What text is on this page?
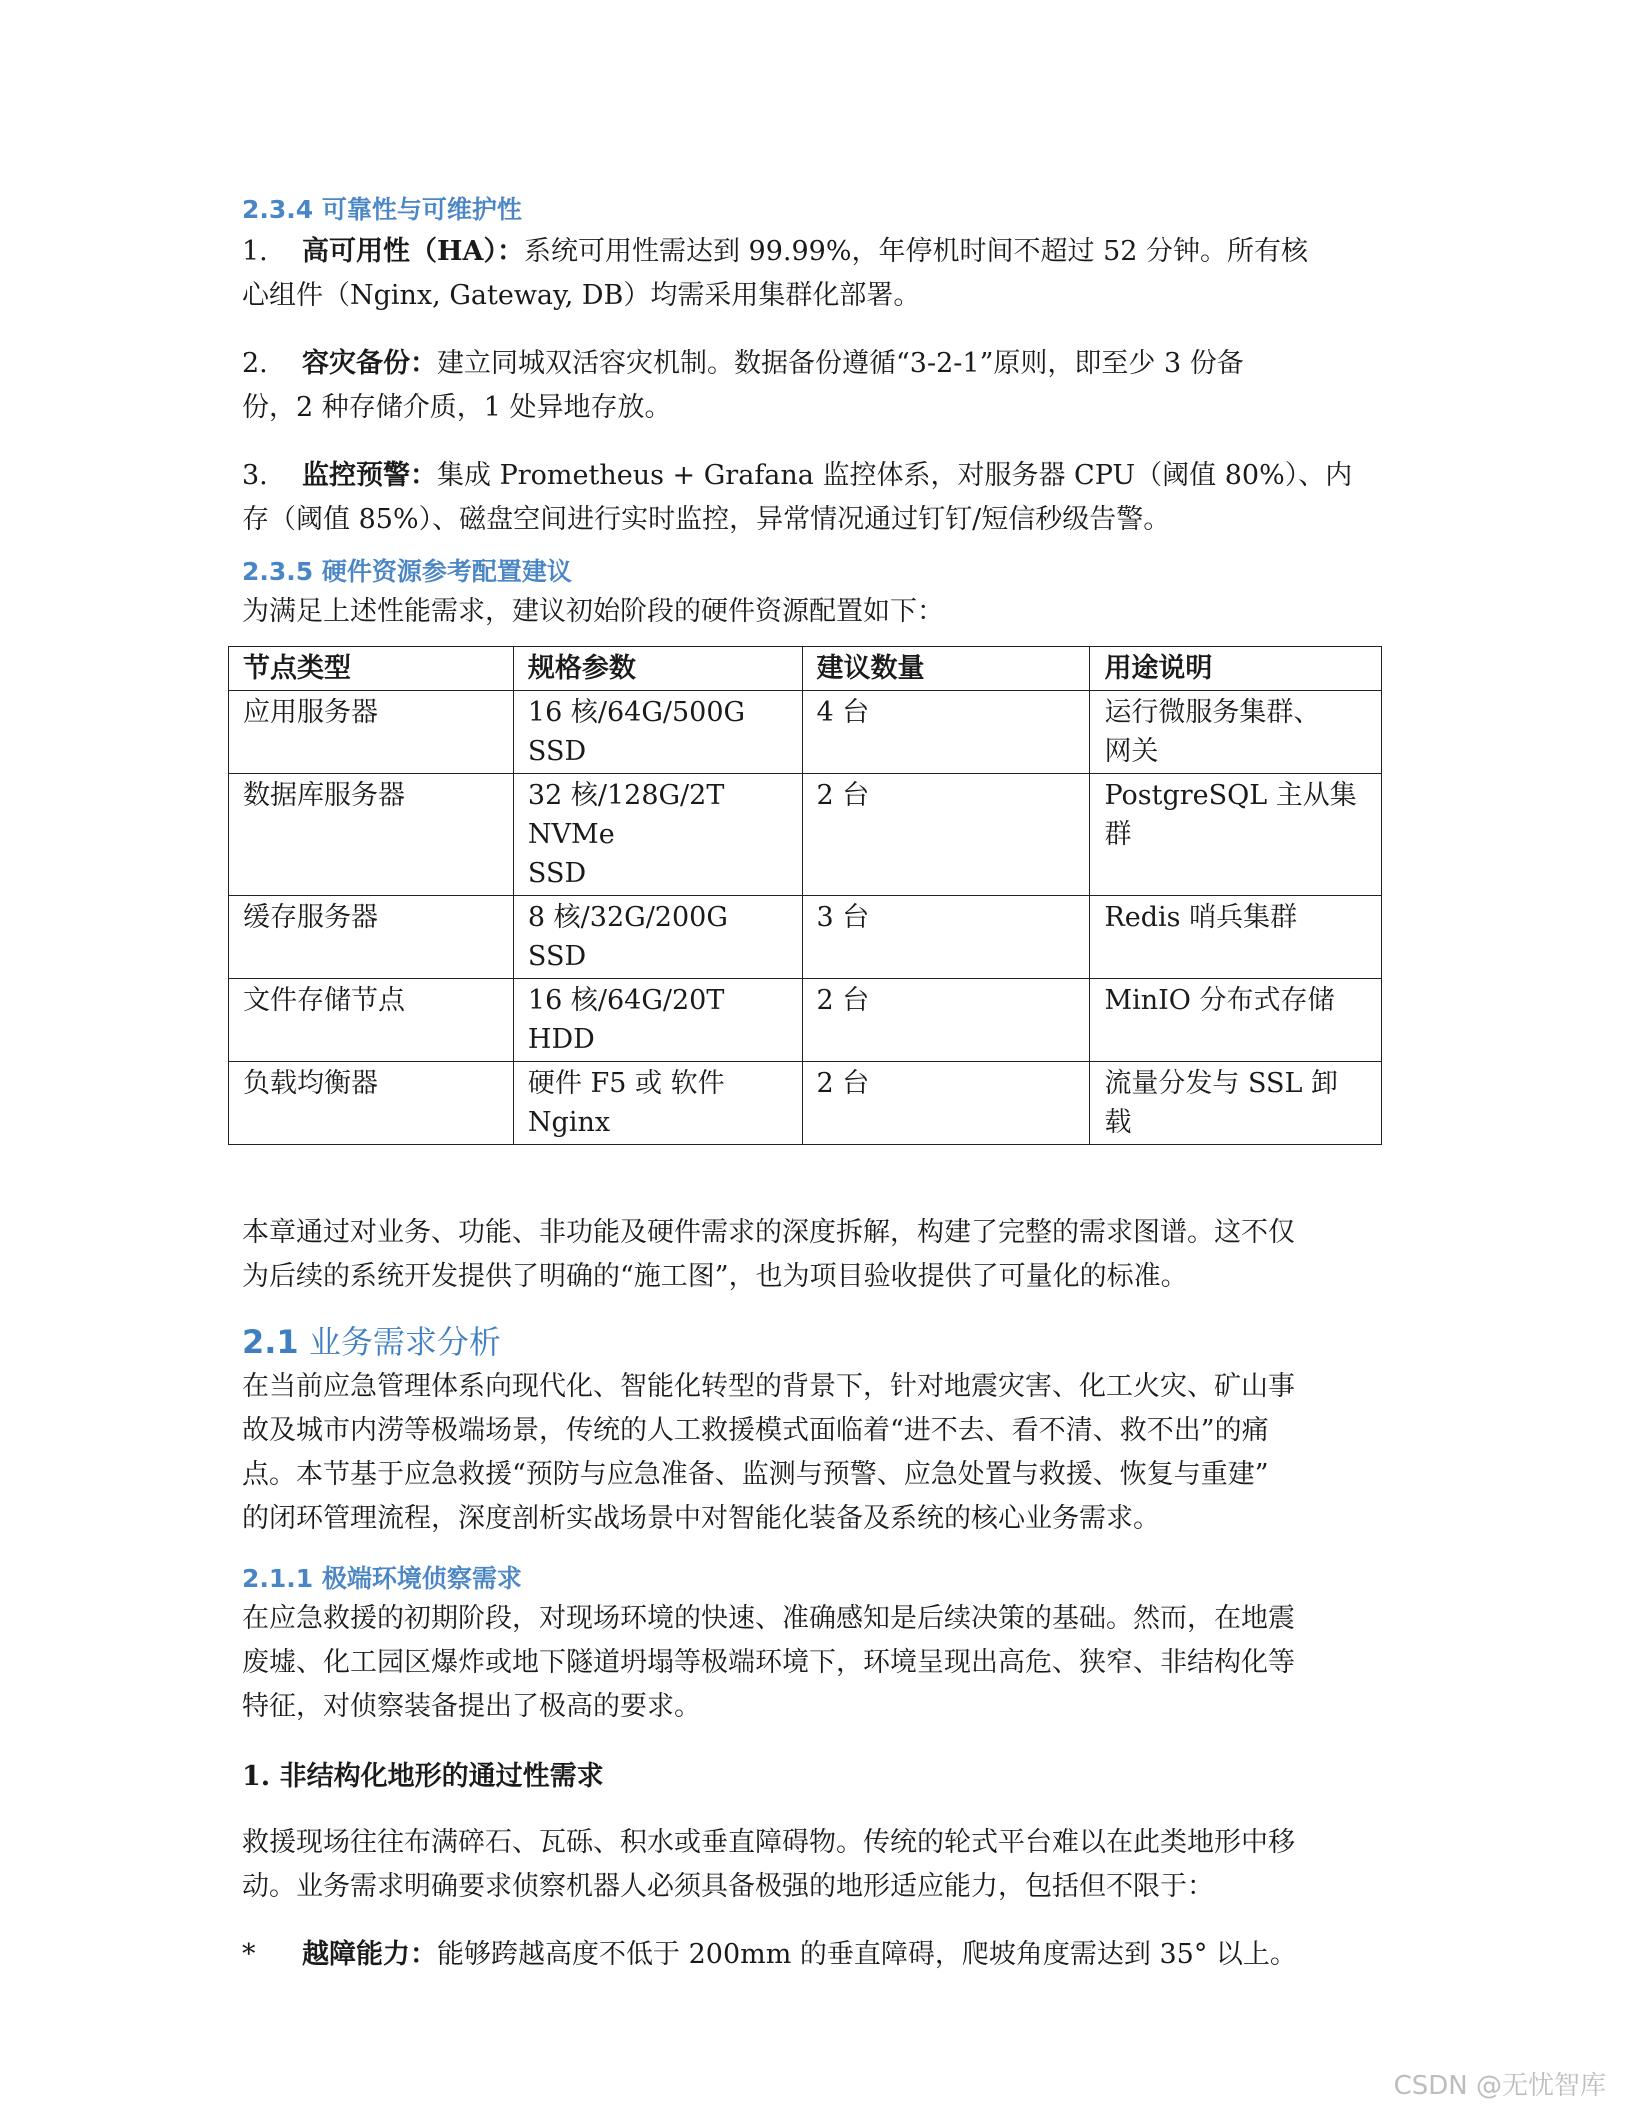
2.3.4 可靠性与可维护性
1.	高可用性（HA）：系统可用性需达到 99.99%，年停机时间不超过 52 分钟。所有核
心组件（Nginx, Gateway, DB）均需采用集群化部署。
2.	容灾备份：建立同城双活容灾机制。数据备份遵循“3-2-1”原则，即至少 3 份备
份，2 种存储介质，1 处异地存放。
3.	监控预警：集成 Prometheus + Grafana 监控体系，对服务器 CPU（阈值 80%）、内
存（阈值 85%）、磁盘空间进行实时监控，异常情况通过钉钉/短信秒级告警。
2.3.5 硬件资源参考配置建议

为满足上述性能需求，建议初始阶段的硬件资源配置如下：

节点类型	规格参数	建议数量	用途说明
应用服务器	16 核/64G/500G SSD	4 台	运行微服务集群、
网关
数据库服务器	32 核/128G/2T NVMe
SSD	2 台	PostgreSQL 主从集
群
缓存服务器	8 核/32G/200G SSD	3 台	Redis 哨兵集群
文件存储节点	16 核/64G/20T HDD	2 台	MinIO 分布式存储
负载均衡器	硬件 F5 或 软件
Nginx	2 台	流量分发与 SSL 卸
载

本章通过对业务、功能、非功能及硬件需求的深度拆解，构建了完整的需求图谱。这不仅

为后续的系统开发提供了明确的“施工图”，也为项目验收提供了可量化的标准。

2.1 业务需求分析

在当前应急管理体系向现代化、智能化转型的背景下，针对地震灾害、化工火灾、矿山事

故及城市内涝等极端场景，传统的人工救援模式面临着“进不去、看不清、救不出”的痛

点。本节基于应急救援“预防与应急准备、监测与预警、应急处置与救援、恢复与重建”

的闭环管理流程，深度剖析实战场景中对智能化装备及系统的核心业务需求。

2.1.1 极端环境侦察需求

在应急救援的初期阶段，对现场环境的快速、准确感知是后续决策的基础。然而，在地震

废墟、化工园区爆炸或地下隧道坍塌等极端环境下，环境呈现出高危、狭窄、非结构化等

特征，对侦察装备提出了极高的要求。

1. 非结构化地形的通过性需求

救援现场往往布满碎石、瓦砾、积水或垂直障碍物。传统的轮式平台难以在此类地形中移

动。业务需求明确要求侦察机器人必须具备极强的地形适应能力，包括但不限于：

*	越障能力：能够跨越高度不低于 200mm 的垂直障碍，爬坡角度需达到 35° 以上。
CSDN @无忧智库
